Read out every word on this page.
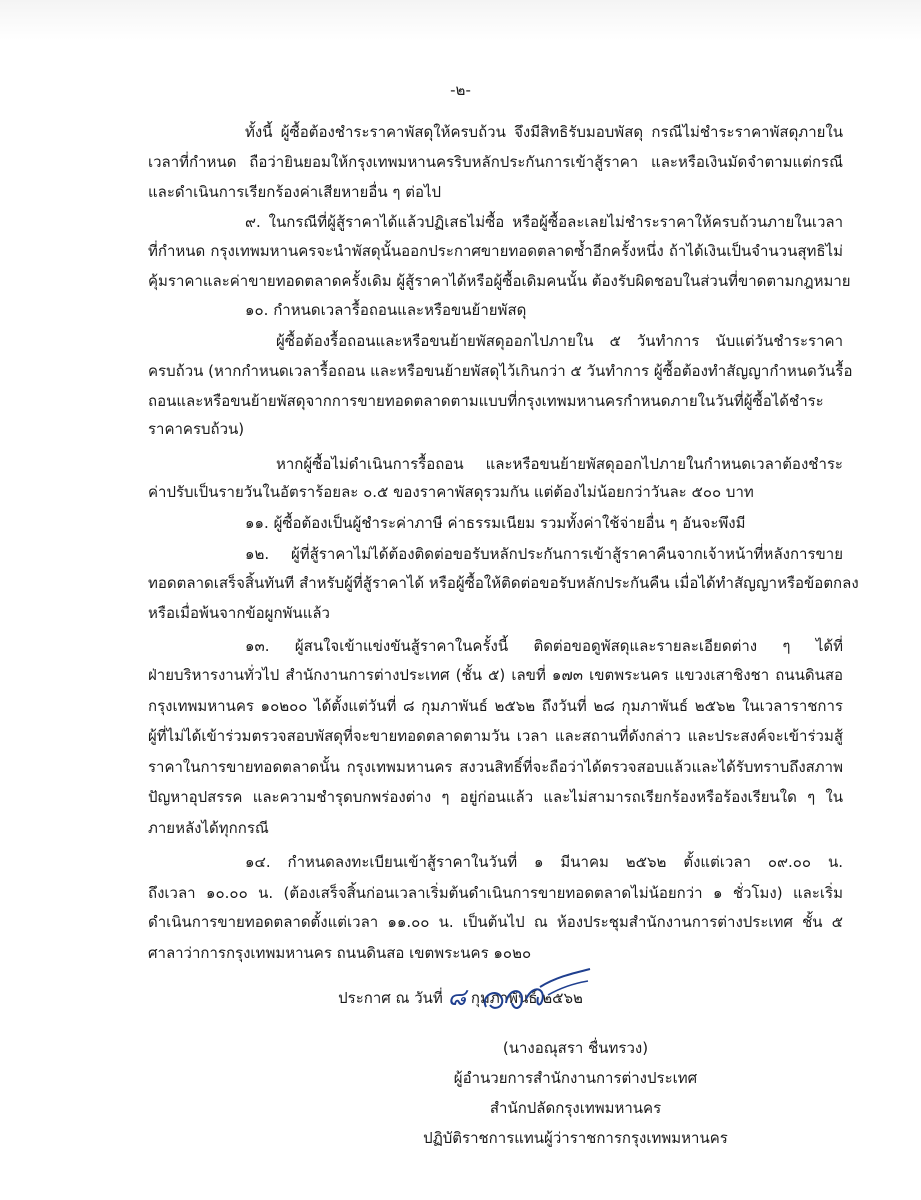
-๒-
ทั้งนี้ ผู้ซื้อต้องชำระราคาพัสดุให้ครบถ้วน จึงมีสิทธิรับมอบพัสดุ กรณีไม่ชำระราคาพัสดุภายใน
เวลาที่กำหนด ถือว่ายินยอมให้กรุงเทพมหานครริบหลักประกันการเข้าสู้ราคา และหรือเงินมัดจำตามแต่กรณี
และดำเนินการเรียกร้องค่าเสียหายอื่น ๆ ต่อไป
๙. ในกรณีที่ผู้สู้ราคาได้แล้วปฏิเสธไม่ซื้อ หรือผู้ซื้อละเลยไม่ชำระราคาให้ครบถ้วนภายในเวลา
ที่กำหนด กรุงเทพมหานครจะนำพัสดุนั้นออกประกาศขายทอดตลาดซ้ำอีกครั้งหนึ่ง ถ้าได้เงินเป็นจำนวนสุทธิไม่
คุ้มราคาและค่าขายทอดตลาดครั้งเดิม ผู้สู้ราคาได้หรือผู้ซื้อเดิมคนนั้น ต้องรับผิดชอบในส่วนที่ขาดตามกฎหมาย
๑๐. กำหนดเวลารื้อถอนและหรือขนย้ายพัสดุ
ผู้ซื้อต้องรื้อถอนและหรือขนย้ายพัสดุออกไปภายใน ๕ วันทำการ นับแต่วันชำระราคา
ครบถ้วน (หากกำหนดเวลารื้อถอน และหรือขนย้ายพัสดุไว้เกินกว่า ๕ วันทำการ ผู้ซื้อต้องทำสัญญากำหนดวันรื้อ
ถอนและหรือขนย้ายพัสดุจากการขายทอดตลาดตามแบบที่กรุงเทพมหานครกำหนดภายในวันที่ผู้ซื้อได้ชำระ
ราคาครบถ้วน)
หากผู้ซื้อไม่ดำเนินการรื้อถอน และหรือขนย้ายพัสดุออกไปภายในกำหนดเวลาต้องชำระ
ค่าปรับเป็นรายวันในอัตราร้อยละ ๐.๕ ของราคาพัสดุรวมกัน แต่ต้องไม่น้อยกว่าวันละ ๕๐๐ บาท
๑๑. ผู้ซื้อต้องเป็นผู้ชำระค่าภาษี ค่าธรรมเนียม รวมทั้งค่าใช้จ่ายอื่น ๆ อันจะพึงมี
๑๒. ผู้ที่สู้ราคาไม่ได้ต้องติดต่อขอรับหลักประกันการเข้าสู้ราคาคืนจากเจ้าหน้าที่หลังการขาย
ทอดตลาดเสร็จสิ้นทันที สำหรับผู้ที่สู้ราคาได้ หรือผู้ซื้อให้ติดต่อขอรับหลักประกันคืน เมื่อได้ทำสัญญาหรือข้อตกลง
หรือเมื่อพ้นจากข้อผูกพันแล้ว
๑๓. ผู้สนใจเข้าแข่งขันสู้ราคาในครั้งนี้ ติดต่อขอดูพัสดุและรายละเอียดต่าง ๆ ได้ที่
ฝ่ายบริหารงานทั่วไป สำนักงานการต่างประเทศ (ชั้น ๕) เลขที่ ๑๗๓ เขตพระนคร แขวงเสาชิงชา ถนนดินสอ
กรุงเทพมหานคร ๑๐๒๐๐ ได้ตั้งแต่วันที่ ๘ กุมภาพันธ์ ๒๕๖๒ ถึงวันที่ ๒๘ กุมภาพันธ์ ๒๕๖๒ ในเวลาราชการ
ผู้ที่ไม่ได้เข้าร่วมตรวจสอบพัสดุที่จะขายทอดตลาดตามวัน เวลา และสถานที่ดังกล่าว และประสงค์จะเข้าร่วมสู้
ราคาในการขายทอดตลาดนั้น กรุงเทพมหานคร สงวนสิทธิ์ที่จะถือว่าได้ตรวจสอบแล้วและได้รับทราบถึงสภาพ
ปัญหาอุปสรรค และความชำรุดบกพร่องต่าง ๆ อยู่ก่อนแล้ว และไม่สามารถเรียกร้องหรือร้องเรียนใด ๆ ใน
ภายหลังได้ทุกกรณี
๑๔. กำหนดลงทะเบียนเข้าสู้ราคาในวันที่ ๑ มีนาคม ๒๕๖๒ ตั้งแต่เวลา ๐๙.๐๐ น.
ถึงเวลา ๑๐.๐๐ น. (ต้องเสร็จสิ้นก่อนเวลาเริ่มต้นดำเนินการขายทอดตลาดไม่น้อยกว่า ๑ ชั่วโมง) และเริ่ม
ดำเนินการขายทอดตลาดตั้งแต่เวลา ๑๑.๐๐ น. เป็นต้นไป ณ ห้องประชุมสำนักงานการต่างประเทศ ชั้น ๕
ศาลาว่าการกรุงเทพมหานคร ถนนดินสอ เขตพระนคร ๑๐๒๐
ประกาศ ณ วันที่ ๘ กุมภาพันธ์ ๒๕๖๒
(นางอณุสรา ชื่นทรวง)
ผู้อำนวยการสำนักงานการต่างประเทศ
สำนักปลัดกรุงเทพมหานคร
ปฏิบัติราชการแทนผู้ว่าราชการกรุงเทพมหานคร
